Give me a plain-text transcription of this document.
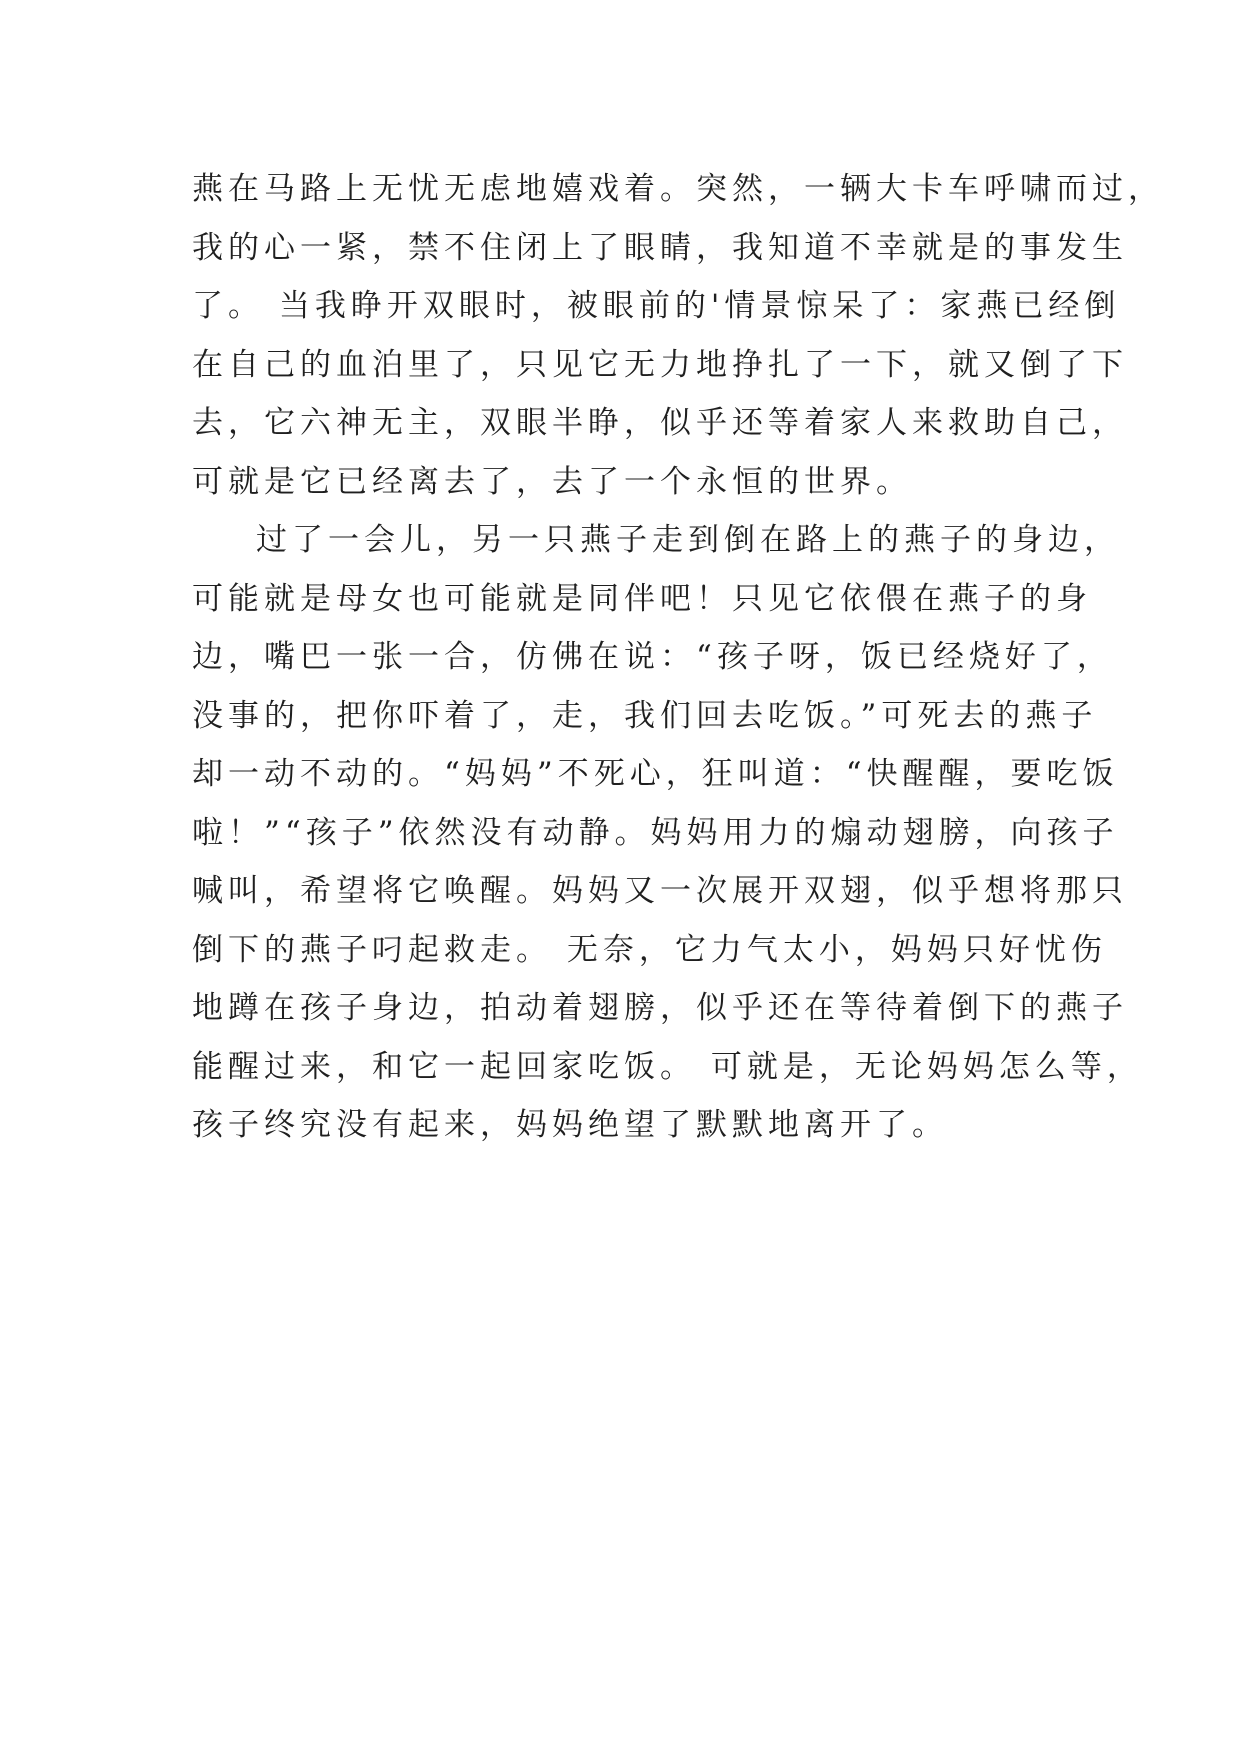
燕在马路上无忧无虑地嬉戏着。突然，一辆大卡车呼啸而过，
我的心一紧，禁不住闭上了眼睛，我知道不幸就是的事发生
了。 当我睁开双眼时，被眼前的'情景惊呆了：家燕已经倒
在自己的血泊里了，只见它无力地挣扎了一下，就又倒了下
去，它六神无主，双眼半睁，似乎还等着家人来救助自己，
可就是它已经离去了，去了一个永恒的世界。
过了一会儿，另一只燕子走到倒在路上的燕子的身边，
可能就是母女也可能就是同伴吧！只见它依偎在燕子的身
边，嘴巴一张一合，仿佛在说：“孩子呀，饭已经烧好了，
没事的，把你吓着了，走，我们回去吃饭。”可死去的燕子
却一动不动的。“妈妈”不死心，狂叫道：“快醒醒，要吃饭
啦！”“孩子”依然没有动静。妈妈用力的煽动翅膀，向孩子
喊叫，希望将它唤醒。妈妈又一次展开双翅，似乎想将那只
倒下的燕子叼起救走。 无奈，它力气太小，妈妈只好忧伤
地蹲在孩子身边，拍动着翅膀，似乎还在等待着倒下的燕子
能醒过来，和它一起回家吃饭。 可就是，无论妈妈怎么等，
孩子终究没有起来，妈妈绝望了默默地离开了。
